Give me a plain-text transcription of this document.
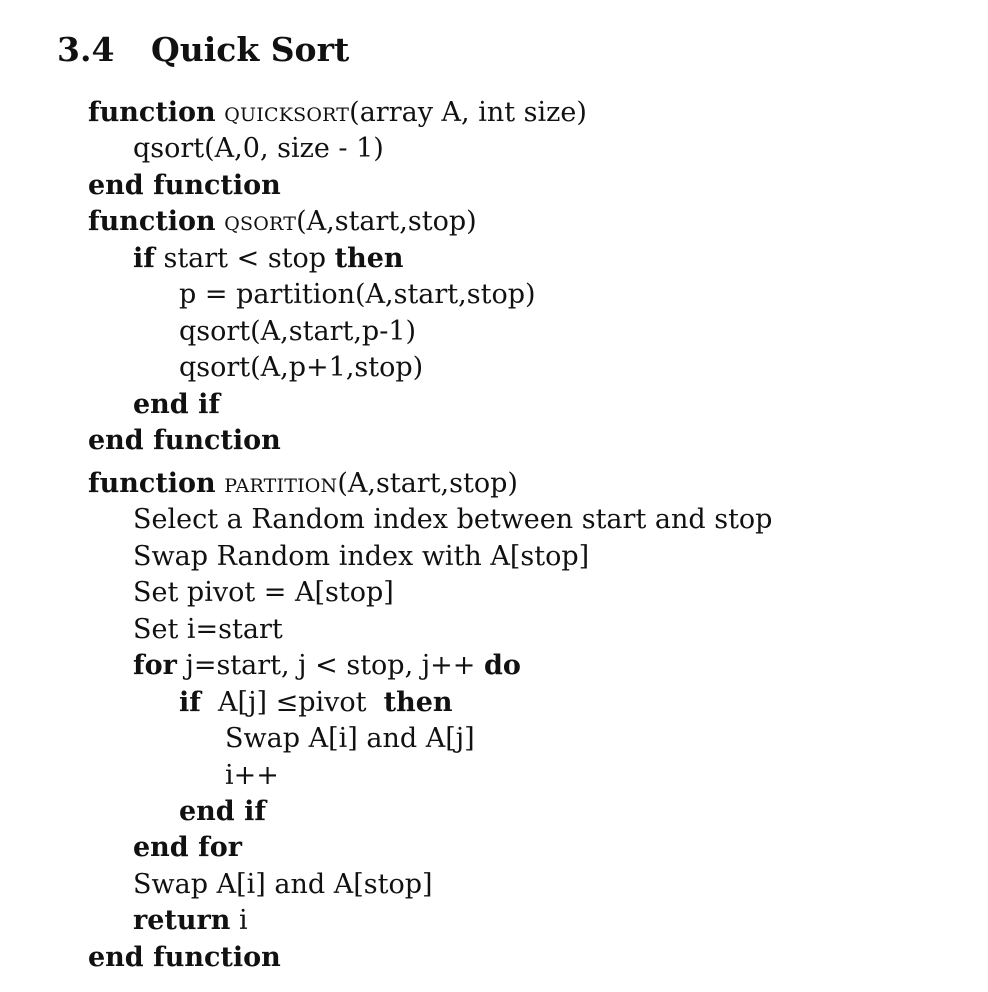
3.4 Quick Sort
function quicksort(array A, int size)
qsort(A,0, size - 1)
end function
function qsort(A,start,stop)
if start < stop then
p = partition(A,start,stop)
qsort(A,start,p-1)
qsort(A,p+1,stop)
end if
end function
function partition(A,start,stop)
Select a Random index between start and stop
Swap Random index with A[stop]
Set pivot = A[stop]
Set i=start
for j=start, j < stop, j++ do
if A[j] ≤pivot then
Swap A[i] and A[j]
i++
end if
end for
Swap A[i] and A[stop]
return i
end function
